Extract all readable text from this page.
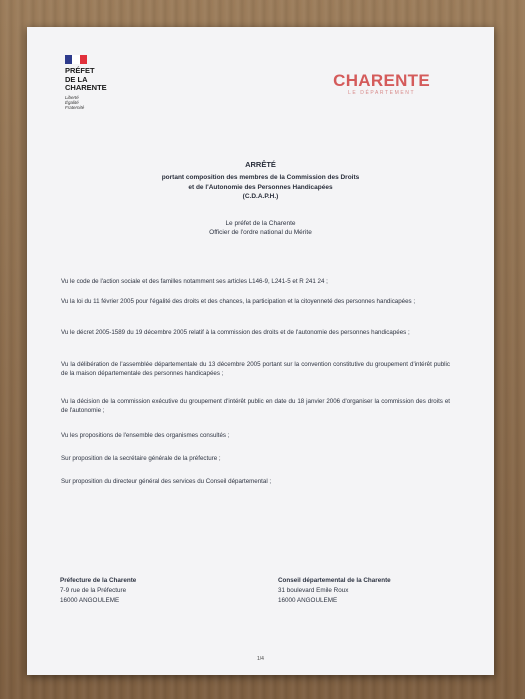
PRÉFET
DE LA
CHARENTE
Liberté
Égalité
Fraternité
CHARENTE
LE DÉPARTEMENT
ARRÊTÉ
portant composition des membres de la Commission des Droits
et de l'Autonomie des Personnes Handicapées
(C.D.A.P.H.)
Le préfet de la Charente
Officier de l'ordre national du Mérite
Vu le code de l'action sociale et des familles notamment ses articles L146-9, L241-5 et R 241 24 ;
Vu la loi du 11 février 2005 pour l'égalité des droits et des chances, la participation et la citoyenneté des personnes handicapées ;
Vu le décret 2005-1589 du 19 décembre 2005 relatif à la commission des droits et de l'autonomie des personnes handicapées ;
Vu la délibération de l'assemblée départementale du 13 décembre 2005 portant sur la convention constitutive du groupement d'intérêt public de la maison départementale des personnes handicapées ;
Vu la décision de la commission exécutive du groupement d'intérêt public en date du 18 janvier 2006 d'organiser la commission des droits et de l'autonomie ;
Vu les propositions de l'ensemble des organismes consultés ;
Sur proposition de la secrétaire générale de la préfecture ;
Sur proposition du directeur général des services du Conseil départemental ;
Préfecture de la Charente
7-9 rue de la Préfecture
16000 ANGOULEME
Conseil départemental de la Charente
31 boulevard Emile Roux
16000 ANGOULEME
1/4
